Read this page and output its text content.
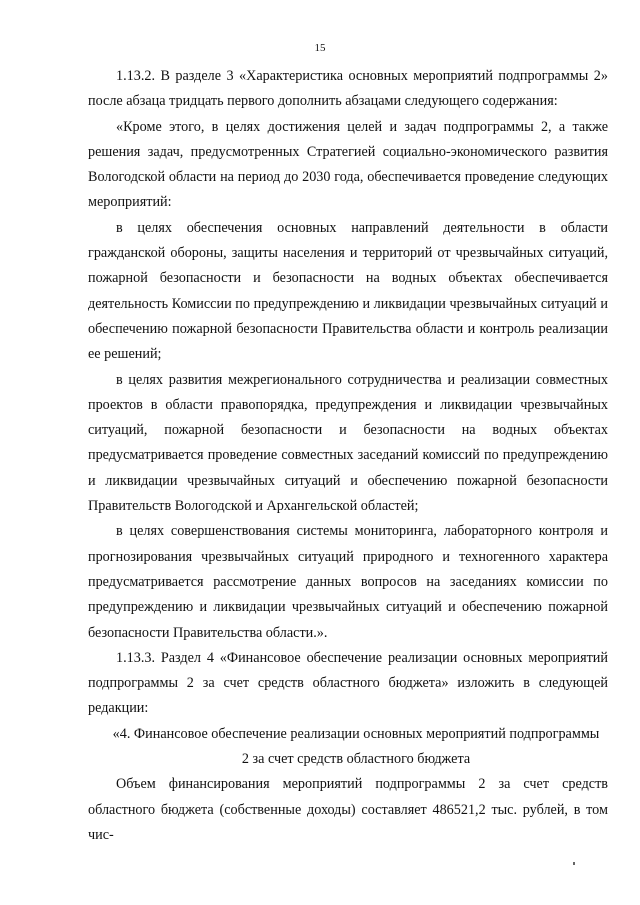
15

1.13.2. В разделе 3 «Характеристика основных мероприятий подпрограммы 2» после абзаца тридцать первого дополнить абзацами следующего содержания:

«Кроме этого, в целях достижения целей и задач подпрограммы 2, а также решения задач, предусмотренных Стратегией социально-экономического развития Вологодской области на период до 2030 года, обеспечивается проведение следующих мероприятий:

в целях обеспечения основных направлений деятельности в области гражданской обороны, защиты населения и территорий от чрезвычайных ситуаций, пожарной безопасности и безопасности на водных объектах обеспечивается деятельность Комиссии по предупреждению и ликвидации чрезвычайных ситуаций и обеспечению пожарной безопасности Правительства области и контроль реализации ее решений;

в целях развития межрегионального сотрудничества и реализации совместных проектов в области правопорядка, предупреждения и ликвидации чрезвычайных ситуаций, пожарной безопасности и безопасности на водных объектах предусматривается проведение совместных заседаний комиссий по предупреждению и ликвидации чрезвычайных ситуаций и обеспечению пожарной безопасности Правительств Вологодской и Архангельской областей;

в целях совершенствования системы мониторинга, лабораторного контроля и прогнозирования чрезвычайных ситуаций природного и техногенного характера предусматривается рассмотрение данных вопросов на заседаниях комиссии по предупреждению и ликвидации чрезвычайных ситуаций и обеспечению пожарной безопасности Правительства области.».

1.13.3. Раздел 4 «Финансовое обеспечение реализации основных мероприятий подпрограммы 2 за счет средств областного бюджета» изложить в следующей редакции:

«4. Финансовое обеспечение реализации основных мероприятий подпрограммы 2 за счет средств областного бюджета

Объем финансирования мероприятий подпрограммы 2 за счет средств областного бюджета (собственные доходы) составляет 486521,2 тыс. рублей, в том чис-
